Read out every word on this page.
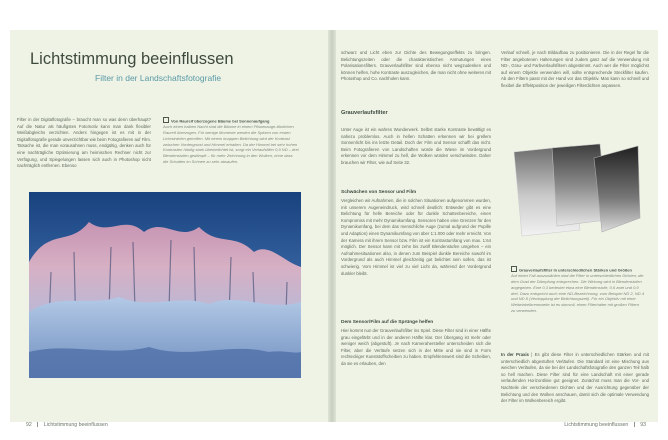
Lichtstimmung beeinflussen
Filter in der Landschaftsfotografie
Filter in der Digitalfotografie – braucht man so was denn überhaupt? Auf die Natur als häufigstes Fotomotiv kann man dank flexibler Weißabgleichs verzichten. Anders hingegen ist es mit in der Digitalfotografie gerade unverzichtbar wie beim Fotografieren auf Film. Tatsache ist, die man vorausahnen muss, endgültig, denken auch für eine nachträgliche Optimierung am heimischen Rechner nicht zur Verfügung, und Spiegelungen lassen sich auch in Photoshop nicht nachträglich entfernen. Ebenso
Von Raureif überzogene Bäume bei Sonnenaufgang
Auch einen halben Nacht sind die Bäume in einem Pfauenauge-ähnlichen Raureif überzogen. Für wenige Momente werden die Spitzen von ersten Lichtstrahlen getroffen. Mit einem knappen Belichtung wird der Kontrast zwischen Vordergrund und Himmel erhalten. Da der Himmel bei sehr hohen Kontrasten häufig stark überbelichtet ist, sorgt ein Verlaufsfilter 0,9 ND – drei Blendenstufen gedämpft – für mehr Zeichnung in den Wolken, ohne dass die Schatten im Schnee zu sehr absaufen.
92 Lichtstimmung beeinflussen
schwarz und Licht eben zur Dichte des Bewegungseffekts zu bringen. Belichtungszeiten oder die charakteristischen Anmutungen eines Polarisationsfilters. Grauverlaufsfilter sind ebenso nicht wegzudenken und können helfen, hohe Kontraste auszugleichen, die man nicht ohne weiteres mit Photoshop und Co. nachholen kann.
Grauverlaufsfilter
Unter Auge ist ein wahres Wunderwerk. Selbst starke Kontraste bewältigt es nahezu problemlos. Auch in hellen Schatten erkennen wir bei grellem Sonnenlicht bis ins letzte Detail. Doch der Film und Sensor schafft das nicht. Beim Fotografieren von Landschaften würde die Wiese im Vordergrund erkennen vor dem Himmel zu hell, die Wolken würden verschwinden. Daher brauchen wir Filter, wie auf Seite 32.
Schwächen von Sensor und Film
Vergleichen wir Aufnahmen, die in solchen Situationen aufgenommen wurden, mit unserem Augeneindruck, wird schnell deutlich: Entweder gibt es eine Belichtung für helle Bereiche oder für dunkle Schattenbereiche, einen Kompromiss mit mehr Dynamikumfang. Sensoren haben eine Grenzen für den Dynamikumfang, bei dem das menschliche Auge (zumal aufgrund der Pupille und Adaption) einen Dynamikumfang von über 1:1.000 oder mehr erreicht. Von der Kamera mit ihrem Sensor bzw. Film ist ein Kontrastumfang von max. 1:64 möglich. Der Sensor kann mit zehn bis zwölf Blendenstufen umgehen – ein Aufnahmesituationen also, in denen zum Beispiel dunkle Bereiche sowohl im Vordergrund als auch Himmel gleichzeitig gut belichtet sein sollen, das ist schwierig. Vom Himmel ist viel zu viel Licht da, während der Vordergrund dunkler bleibt.
Dem Sensor/Film auf die Sprünge helfen
Hier kommt nun der Grauverlaufsfilter ins Spiel. Diese Filter sind in einer Hälfte grau eingefärbt und in der anderen Hälfte klar. Der Übergang ist mehr oder weniger weich (abgestuft). Je nach Kamerahersteller unterscheiden sich die Filter, aber die Verläufe setzen sich in der Mitte und sie sind in Form rechteckiger Kunststoffscheiben zu haben. Empfehlenswert sind die Scheiben, da sie es erlauben, den
Verlauf schnell, je nach Bildaufbau zu positionieren. Die in der Regel für die Filter angebotenen Halterungen sind zudem ganz auf die Verwendung mit ND-, Grau- und Farbverlaufsfiltern abgestimmt. Auch wer die Filter möglichst auf einem Objektiv verwenden will, sollte entsprechende Steckfilter kaufen. Ab den Filtern passt mit der Hand vor das Objektiv. Man kann so schnell und flexibel die Effektposition der jeweiligen Filterdichten anpassen.
Grauverlaufsfilter in unterschiedlichen Stärken und Größen
Auf einen Fall auszuwählen sind die Filter in unterschiedlichen Dichten, die dem Grad der Dämpfung entsprechen. Die Wirkung wird in Blendenstufen angegeben. Eine 0,3 bedeutet etwa eine Blendenstufe, 0,6 zwei und 0,9 drei. Dazu entspricht auch eine ND-Bezeichnung, zum Beispiel ND 2, ND 4 und ND 8 (Verdopplung der Belichtungszeit). Für ein Objektiv mit einer Weitwinkelbrennweite ist es sinnvoll, einen Filterhalter mit großen Filtern zu verwenden.
In der Praxis | Es gibt diese Filter in unterschiedlichen Stärken und mit unterschiedlich abgestuften Verläufen. Die Standard ist eine Mischung aus weichen Verläufen, da sie bei der Landschaftsfotografie den ganzen Teil halb so hell machen. Diese Filter sind für eine Landschaft mit einer gerade verlaufenden Horizontlinie gut geeignet. Zunächst muss man die Vor- und Nachteile der verschiedenen Dichten und der Ausrichtung gegenüber der Belichtung und den Wolken anschauen, damit sich die optimale Verwendung der Filter im Wolkenbereich ergibt.
Lichtstimmung beeinflussen 93
